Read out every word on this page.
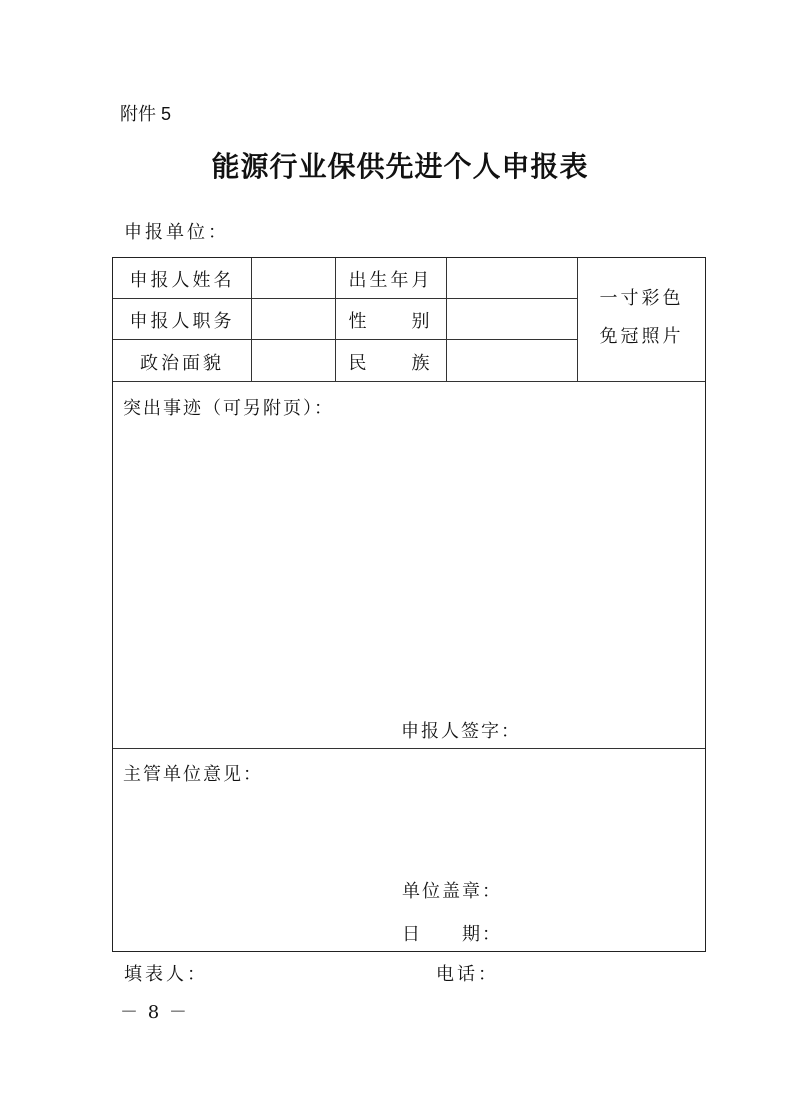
附件 5
能源行业保供先进个人申报表
申报单位：
申报人姓名	出生年月
申报人职务	性　　别
政治面貌	民　　族
一寸彩色
免冠照片
突出事迹（可另附页）：
申报人签字：
主管单位意见：
单位盖章：
日　　期：
填表人：	电话：
－ 8 －
